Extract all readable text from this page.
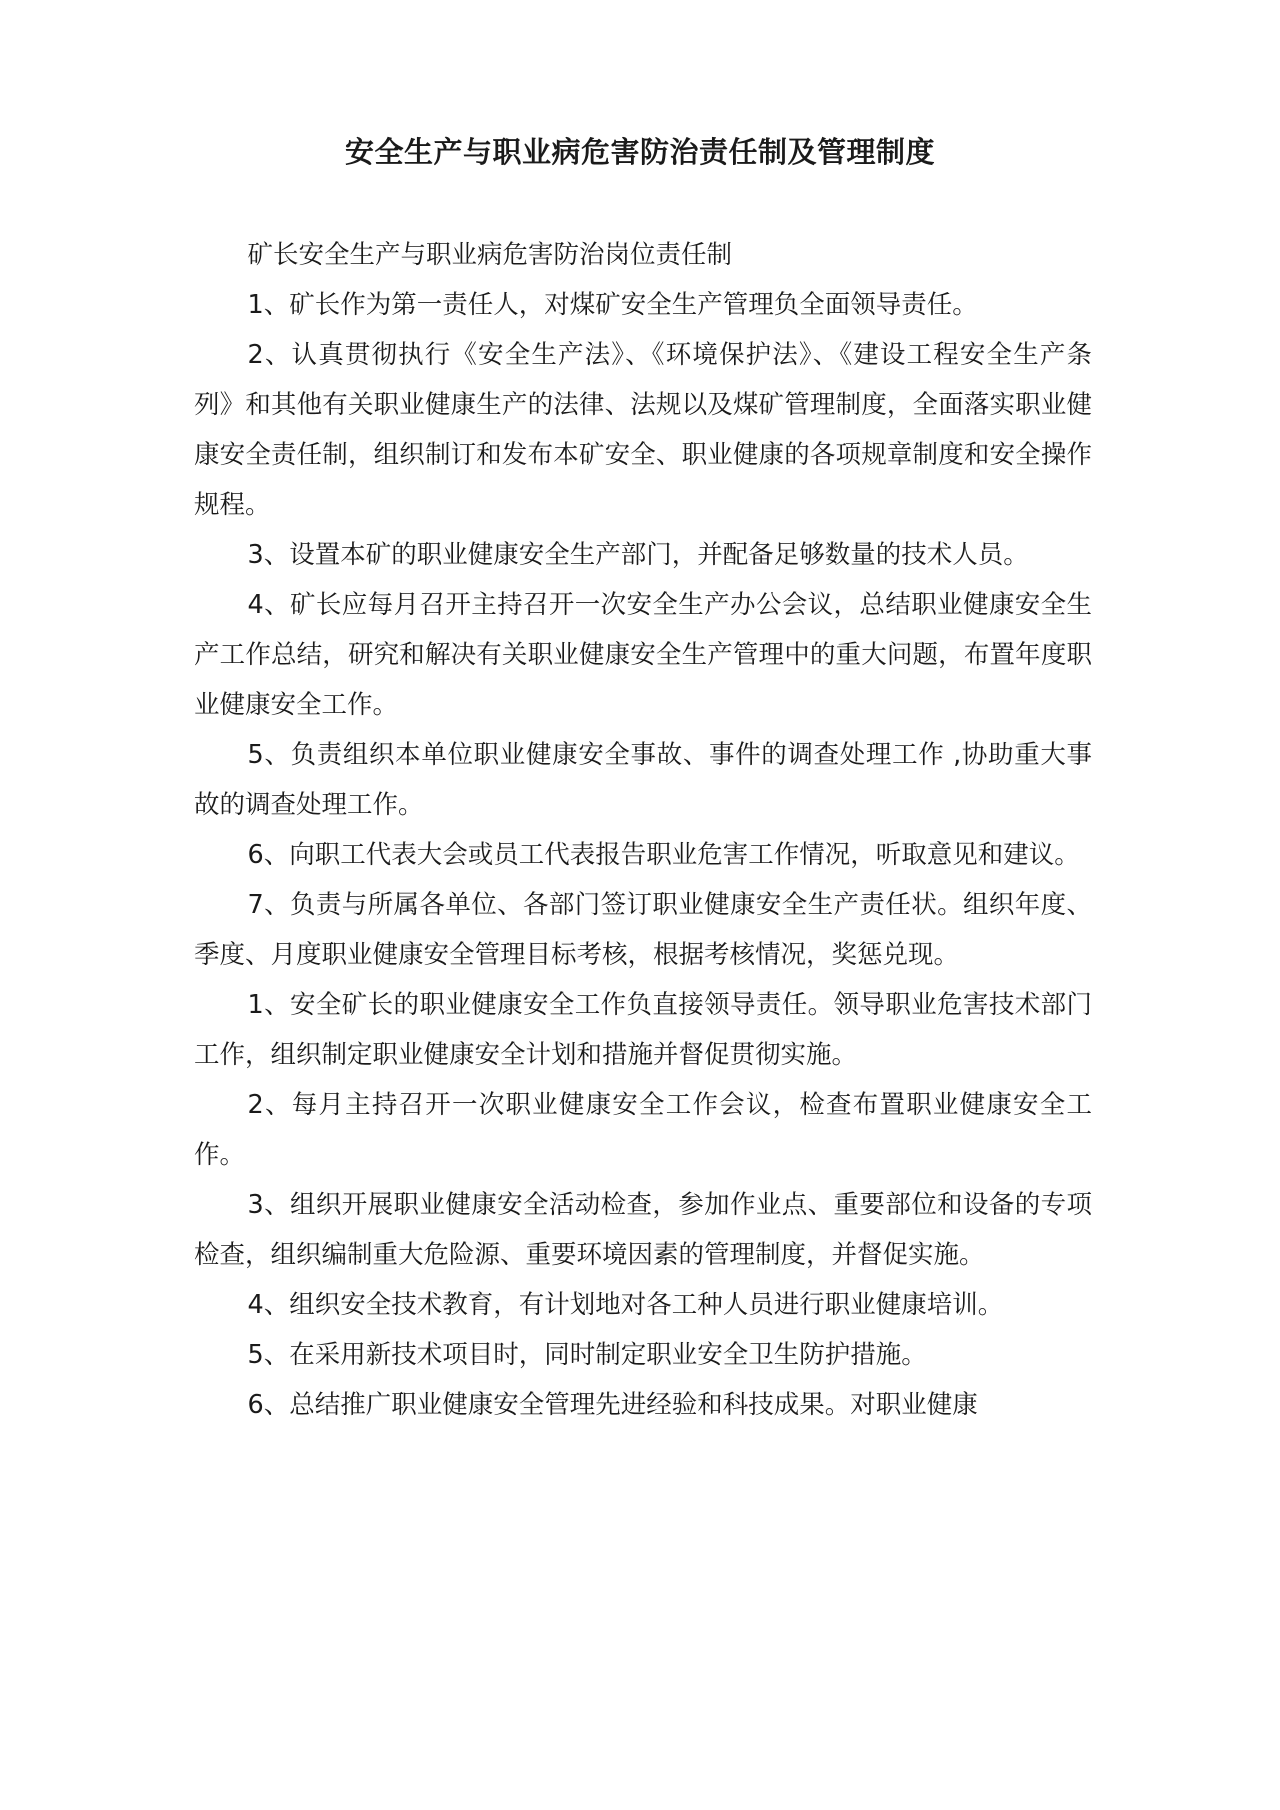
安全生产与职业病危害防治责任制及管理制度

矿长安全生产与职业病危害防治岗位责任制

1、矿长作为第一责任人，对煤矿安全生产管理负全面领导责任。

2、认真贯彻执行《安全生产法》、《环境保护法》、《建设工程安全生产条列》和其他有关职业健康生产的法律、法规以及煤矿管理制度，全面落实职业健康安全责任制，组织制订和发布本矿安全、职业健康的各项规章制度和安全操作规程。

3、设置本矿的职业健康安全生产部门，并配备足够数量的技术人员。

4、矿长应每月召开主持召开一次安全生产办公会议，总结职业健康安全生产工作总结，研究和解决有关职业健康安全生产管理中的重大问题，布置年度职业健康安全工作。

5、负责组织本单位职业健康安全事故、事件的调查处理工作 ,协助重大事故的调查处理工作。

6、向职工代表大会或员工代表报告职业危害工作情况，听取意见和建议。

7、负责与所属各单位、各部门签订职业健康安全生产责任状。组织年度、季度、月度职业健康安全管理目标考核，根据考核情况，奖惩兑现。

1、安全矿长的职业健康安全工作负直接领导责任。领导职业危害技术部门工作，组织制定职业健康安全计划和措施并督促贯彻实施。

2、每月主持召开一次职业健康安全工作会议，检查布置职业健康安全工作。

3、组织开展职业健康安全活动检查，参加作业点、重要部位和设备的专项检查，组织编制重大危险源、重要环境因素的管理制度，并督促实施。

4、组织安全技术教育，有计划地对各工种人员进行职业健康培训。

5、在采用新技术项目时，同时制定职业安全卫生防护措施。

6、总结推广职业健康安全管理先进经验和科技成果。对职业健康
